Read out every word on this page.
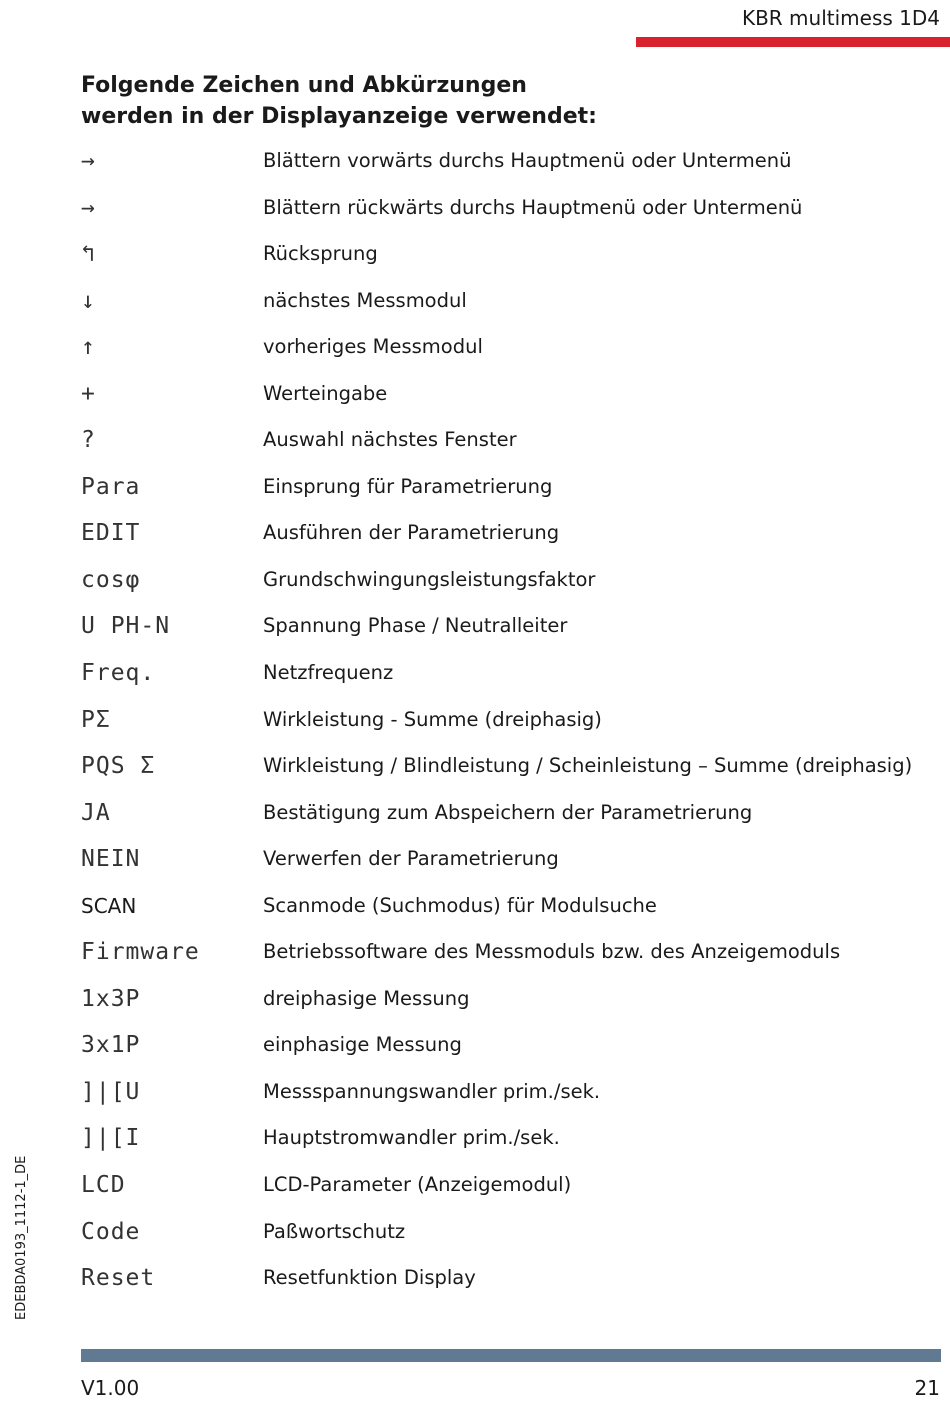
KBR multimess 1D4
EDEBDA0193_1112-1_DE
Folgende Zeichen und Abkürzungen
werden in der Displayanzeige verwendet:
→	Blättern vorwärts durchs Hauptmenü oder Untermenü
→	Blättern rückwärts durchs Hauptmenü oder Untermenü
↰	Rücksprung
↓	nächstes Messmodul
↑	vorheriges Messmodul
+	Werteingabe
?	Auswahl nächstes Fenster
Para	Einsprung für Parametrierung
EDIT	Ausführen der Parametrierung
cosφ	Grundschwingungsleistungsfaktor
U PH-N	Spannung Phase / Neutralleiter
Freq.	Netzfrequenz
PΣ	Wirkleistung - Summe (dreiphasig)
PQS Σ	Wirkleistung / Blindleistung / Scheinleistung – Summe (dreiphasig)
JA	Bestätigung zum Abspeichern der Parametrierung
NEIN	Verwerfen der Parametrierung
SCAN	Scanmode (Suchmodus) für Modulsuche
Firmware	Betriebssoftware des Messmoduls bzw. des Anzeigemoduls
1x3P	dreiphasige Messung
3x1P	einphasige Messung
]|[U	Messspannungswandler prim./sek.
]|[I	Hauptstromwandler prim./sek.
LCD	LCD-Parameter (Anzeigemodul)
Code	Paßwortschutz
Reset	Resetfunktion Display
V1.00	21
